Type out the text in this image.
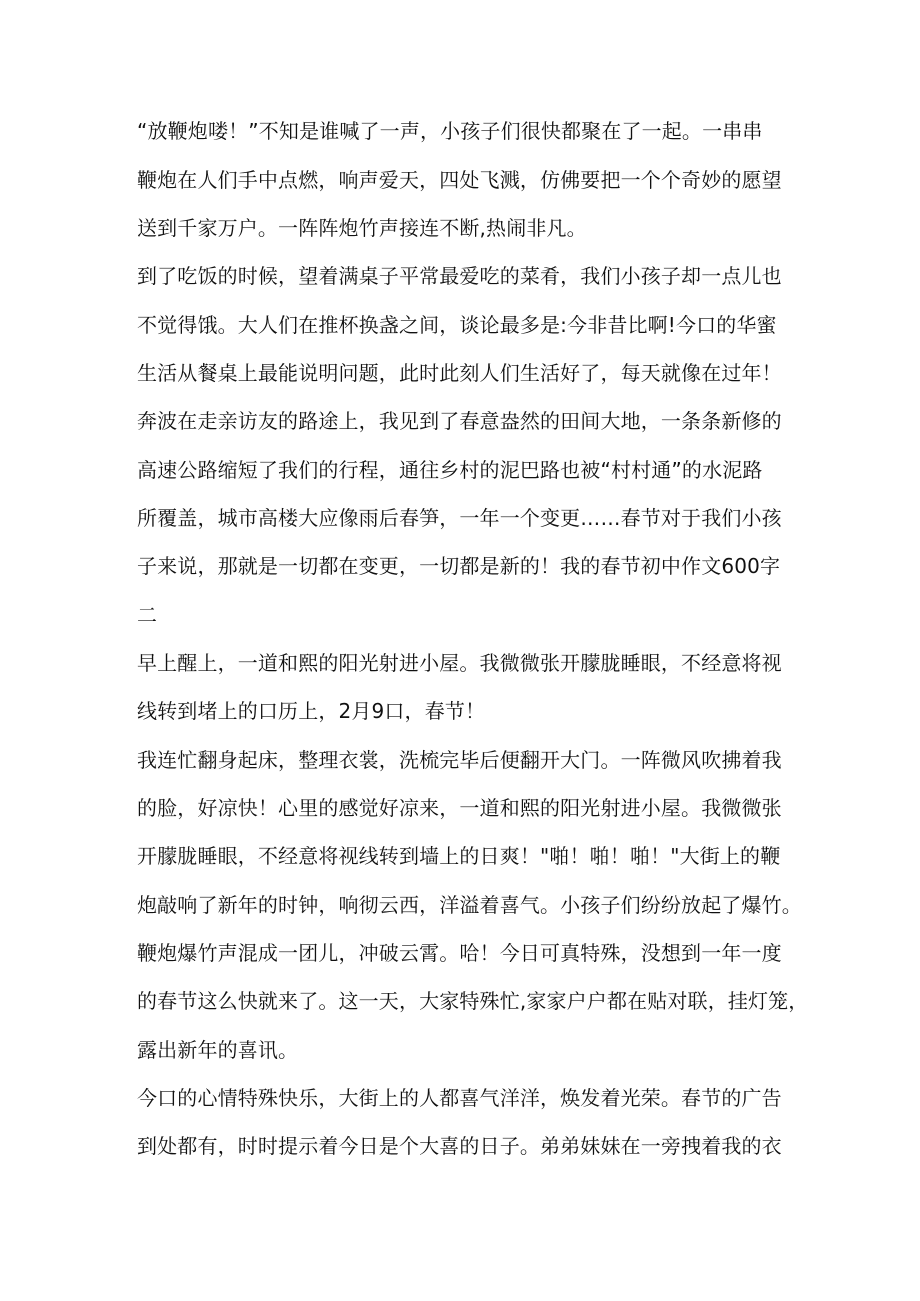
“放鞭炮喽！”不知是谁喊了一声，小孩子们很快都聚在了一起。一串串

鞭炮在人们手中点燃，响声爱天，四处飞溅，仿佛要把一个个奇妙的愿望

送到千家万户。一阵阵炮竹声接连不断,热闹非凡。

到了吃饭的时候，望着满桌子平常最爱吃的菜肴，我们小孩子却一点儿也

不觉得饿。大人们在推杯换盏之间，谈论最多是:今非昔比啊!今口的华蜜

生活从餐桌上最能说明问题，此时此刻人们生活好了，每天就像在过年！

奔波在走亲访友的路途上，我见到了春意盎然的田间大地，一条条新修的

高速公路缩短了我们的行程，通往乡村的泥巴路也被“村村通”的水泥路

所覆盖，城市高楼大应像雨后春笋，一年一个变更……春节对于我们小孩

子来说，那就是一切都在变更，一切都是新的！我的春节初中作文600字

二

早上醒上，一道和熙的阳光射进小屋。我微微张开朦胧睡眼，不经意将视

线转到堵上的口历上，2月9口，春节！

我连忙翻身起床，整理衣裳，洗梳完毕后便翻开大门。一阵微风吹拂着我

的脸，好凉快！心里的感觉好凉来，一道和熙的阳光射进小屋。我微微张

开朦胧睡眼，不经意将视线转到墙上的日爽！"啪！啪！啪！"大街上的鞭

炮敲响了新年的时钟，响彻云西，洋溢着喜气。小孩子们纷纷放起了爆竹。

鞭炮爆竹声混成一团儿，冲破云霄。哈！今日可真特殊，没想到一年一度

的春节这么快就来了。这一天，大家特殊忙,家家户户都在贴对联，挂灯笼，

露出新年的喜讯。

今口的心情特殊快乐，大街上的人都喜气洋洋，焕发着光荣。春节的广告

到处都有，时时提示着今日是个大喜的日子。弟弟妹妹在一旁拽着我的衣
